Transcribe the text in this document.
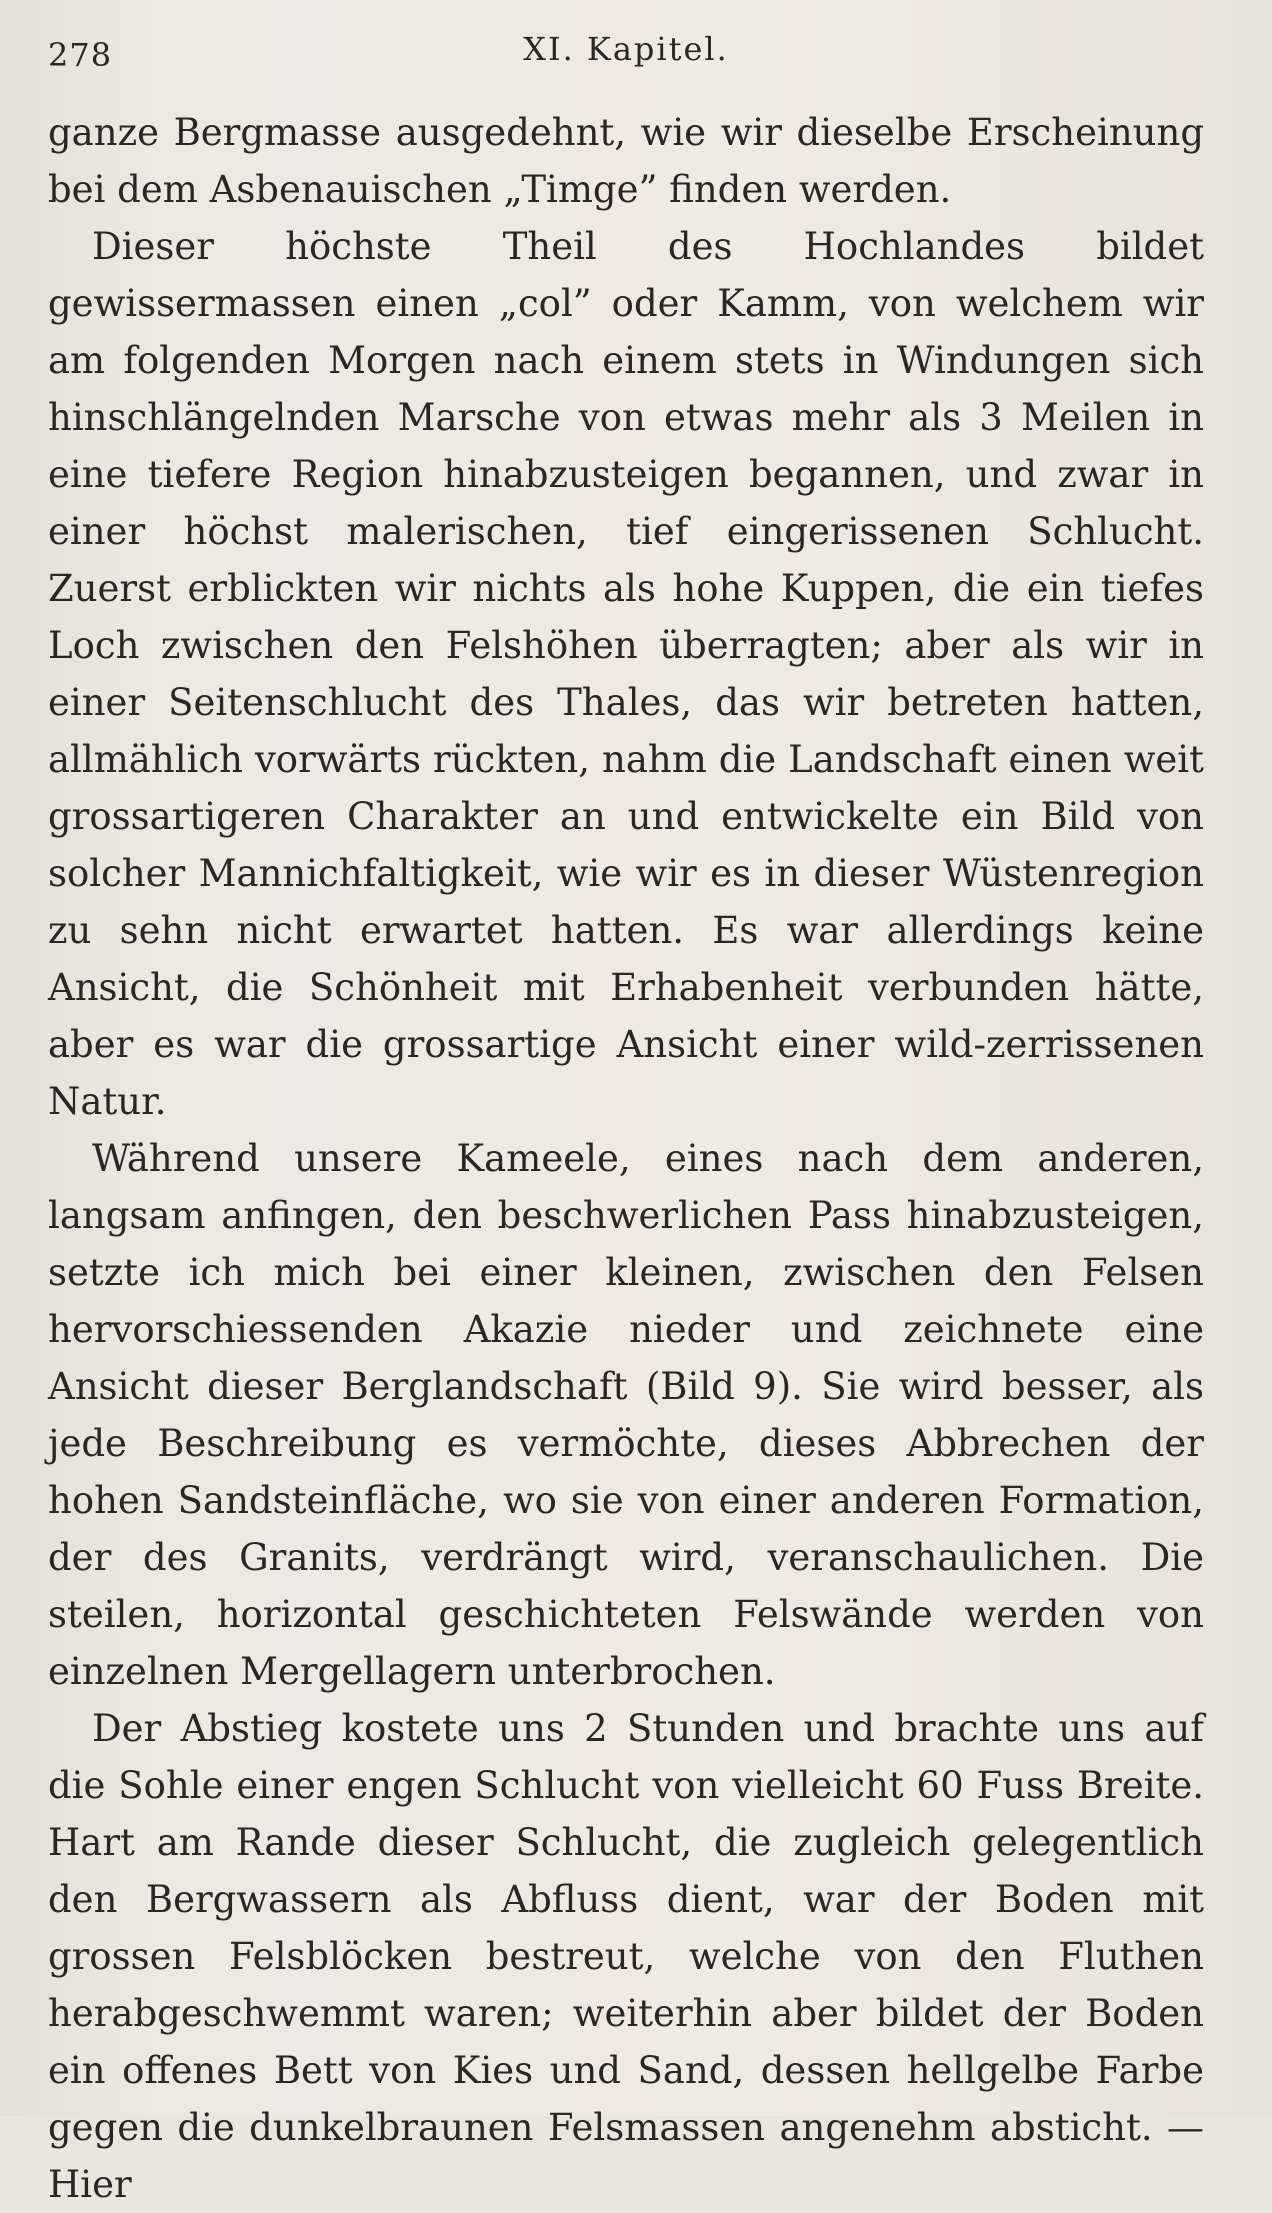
278	XI. Kapitel.

ganze Bergmasse ausgedehnt, wie wir dieselbe Erscheinung bei dem Asbenauischen „Timge” finden werden.

Dieser höchste Theil des Hochlandes bildet gewissermassen einen „col” oder Kamm, von welchem wir am folgenden Morgen nach einem stets in Windungen sich hinschlängelnden Marsche von etwas mehr als 3 Meilen in eine tiefere Region hinabzusteigen begannen, und zwar in einer höchst malerischen, tief eingerissenen Schlucht. Zuerst erblickten wir nichts als hohe Kuppen, die ein tiefes Loch zwischen den Felshöhen überragten; aber als wir in einer Seitenschlucht des Thales, das wir betreten hatten, allmählich vorwärts rückten, nahm die Landschaft einen weit grossartigeren Charakter an und entwickelte ein Bild von solcher Mannichfaltigkeit, wie wir es in dieser Wüstenregion zu sehn nicht erwartet hatten. Es war allerdings keine Ansicht, die Schönheit mit Erhabenheit verbunden hätte, aber es war die grossartige Ansicht einer wild-zerrissenen Natur.

Während unsere Kameele, eines nach dem anderen, langsam anfingen, den beschwerlichen Pass hinabzusteigen, setzte ich mich bei einer kleinen, zwischen den Felsen hervorschiessenden Akazie nieder und zeichnete eine Ansicht dieser Berglandschaft (Bild 9). Sie wird besser, als jede Beschreibung es vermöchte, dieses Abbrechen der hohen Sandsteinfläche, wo sie von einer anderen Formation, der des Granits, verdrängt wird, veranschaulichen. Die steilen, horizontal geschichteten Felswände werden von einzelnen Mergellagern unterbrochen.

Der Abstieg kostete uns 2 Stunden und brachte uns auf die Sohle einer engen Schlucht von vielleicht 60 Fuss Breite. Hart am Rande dieser Schlucht, die zugleich gelegentlich den Bergwassern als Abfluss dient, war der Boden mit grossen Felsblöcken bestreut, welche von den Fluthen herabgeschwemmt waren; weiterhin aber bildet der Boden ein offenes Bett von Kies und Sand, dessen hellgelbe Farbe gegen die dunkelbraunen Felsmassen angenehm absticht. — Hier
